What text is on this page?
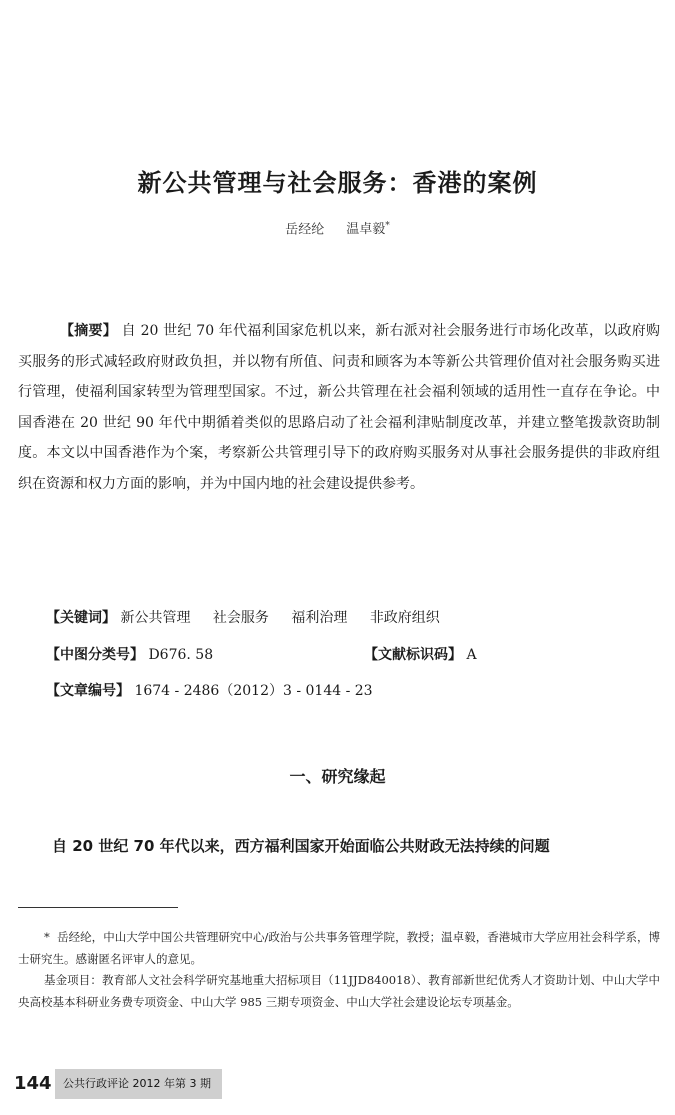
新公共管理与社会服务：香港的案例
岳经纶 温卓毅*

【摘要】 自 20 世纪 70 年代福利国家危机以来，新右派对社会服务进行市场化改革，以政府购买服务的形式减轻政府财政负担，并以物有所值、问责和顾客为本等新公共管理价值对社会服务购买进行管理，使福利国家转型为管理型国家。不过，新公共管理在社会福利领域的适用性一直存在争论。中国香港在 20 世纪 90 年代中期循着类似的思路启动了社会福利津贴制度改革，并建立整笔拨款资助制度。本文以中国香港作为个案，考察新公共管理引导下的政府购买服务对从事社会服务提供的非政府组织在资源和权力方面的影响，并为中国内地的社会建设提供参考。

【关键词】 新公共管理 社会服务 福利治理 非政府组织
【中图分类号】 D676. 58	【文献标识码】 A
【文章编号】 1674 - 2486（2012）3 - 0144 - 23
一、研究缘起

自 20 世纪 70 年代以来，西方福利国家开始面临公共财政无法持续的问题

* 岳经纶，中山大学中国公共管理研究中心/政治与公共事务管理学院，教授；温卓毅，香港城市大学应用社会科学系，博士研究生。感谢匿名评审人的意见。

基金项目：教育部人文社会科学研究基地重大招标项目（11JJD840018）、教育部新世纪优秀人才资助计划、中山大学中央高校基本科研业务费专项资金、中山大学 985 三期专项资金、中山大学社会建设论坛专项基金。

144	公共行政评论 2012 年第 3 期
